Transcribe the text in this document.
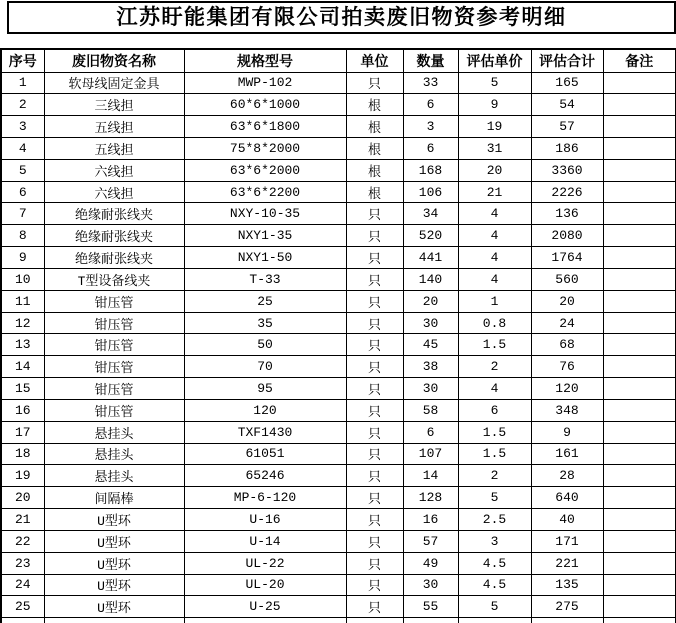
江苏盱能集团有限公司拍卖废旧物资参考明细
序号	废旧物资名称	规格型号	单位	数量	评估单价	评估合计	备注
1	软母线固定金具	MWP-102	只	33	5	165	
2	三线担	60*6*1000	根	6	9	54	
3	五线担	63*6*1800	根	3	19	57	
4	五线担	75*8*2000	根	6	31	186	
5	六线担	63*6*2000	根	168	20	3360	
6	六线担	63*6*2200	根	106	21	2226	
7	绝缘耐张线夹	NXY-10-35	只	34	4	136	
8	绝缘耐张线夹	NXY1-35	只	520	4	2080	
9	绝缘耐张线夹	NXY1-50	只	441	4	1764	
10	T型设备线夹	T-33	只	140	4	560	
11	钳压管	25	只	20	1	20	
12	钳压管	35	只	30	0.8	24	
13	钳压管	50	只	45	1.5	68	
14	钳压管	70	只	38	2	76	
15	钳压管	95	只	30	4	120	
16	钳压管	120	只	58	6	348	
17	悬挂头	TXF1430	只	6	1.5	9	
18	悬挂头	61051	只	107	1.5	161	
19	悬挂头	65246	只	14	2	28	
20	间隔棒	MP-6-120	只	128	5	640	
21	U型环	U-16	只	16	2.5	40	
22	U型环	U-14	只	57	3	171	
23	U型环	UL-22	只	49	4.5	221	
24	U型环	UL-20	只	30	4.5	135	
25	U型环	U-25	只	55	5	275	
